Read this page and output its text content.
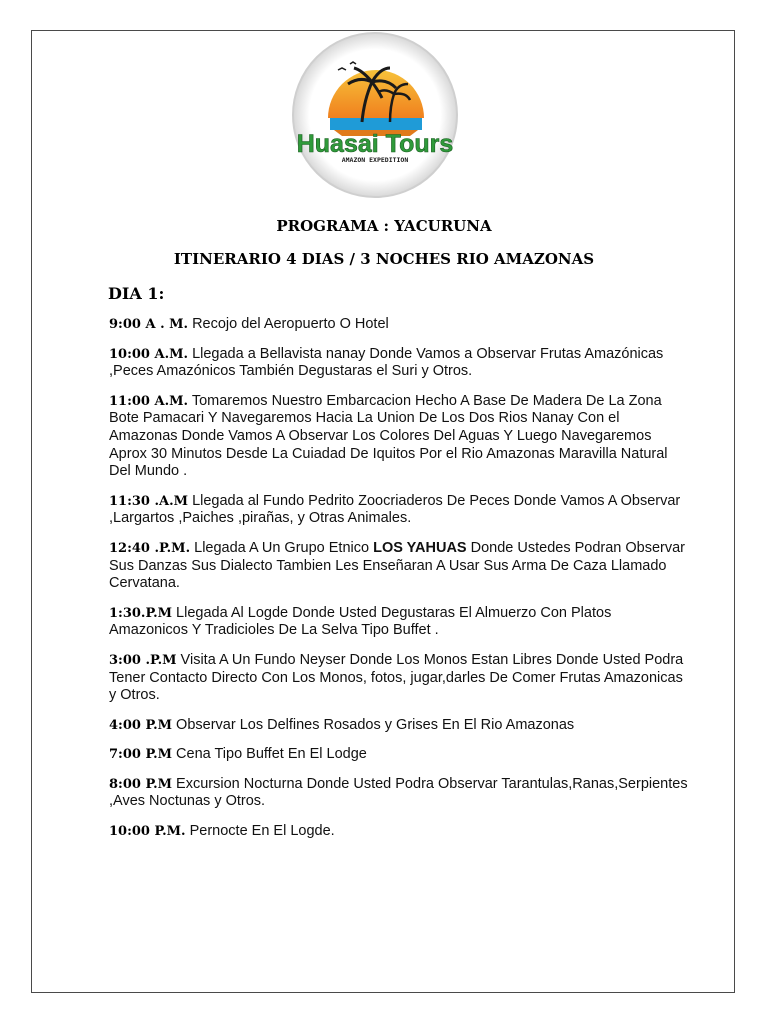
Huasai Tours
AMAZON EXPEDITION
PROGRAMA : YACURUNA
ITINERARIO 4 DIAS / 3 NOCHES RIO AMAZONAS
DIA 1:

9:00 A . M. Recojo del Aeropuerto O Hotel

10:00 A.M. Llegada a Bellavista nanay Donde Vamos a Observar Frutas Amazónicas ,Peces Amazónicos También Degustaras el Suri y Otros.

11:00 A.M. Tomaremos Nuestro Embarcacion Hecho A Base De Madera De La Zona Bote Pamacari Y Navegaremos Hacia La Union De Los Dos Rios Nanay Con el Amazonas Donde Vamos A Observar Los Colores Del Aguas Y Luego Navegaremos Aprox 30 Minutos Desde La Cuiadad De Iquitos Por el Rio Amazonas Maravilla Natural Del Mundo .

11:30 .A.M Llegada al Fundo Pedrito Zoocriaderos De Peces Donde Vamos A Observar ,Largartos ,Paiches ,pirañas, y Otras Animales.

12:40 .P.M. Llegada A Un Grupo Etnico LOS YAHUAS Donde Ustedes Podran Observar Sus Danzas Sus Dialecto Tambien Les Enseñaran A Usar Sus Arma De Caza Llamado Cervatana.

1:30.P.M Llegada Al Logde Donde Usted Degustaras El Almuerzo Con Platos Amazonicos Y Tradicioles De La Selva Tipo Buffet .

3:00 .P.M Visita A Un Fundo Neyser Donde Los Monos Estan Libres Donde Usted Podra Tener Contacto Directo Con Los Monos, fotos, jugar,darles De Comer Frutas Amazonicas y Otros.

4:00 P.M Observar Los Delfines Rosados y Grises En El Rio Amazonas

7:00 P.M Cena Tipo Buffet En El Lodge

8:00 P.M Excursion Nocturna Donde Usted Podra Observar Tarantulas,Ranas,Serpientes ,Aves Noctunas y Otros.

10:00 P.M. Pernocte En El Logde.
